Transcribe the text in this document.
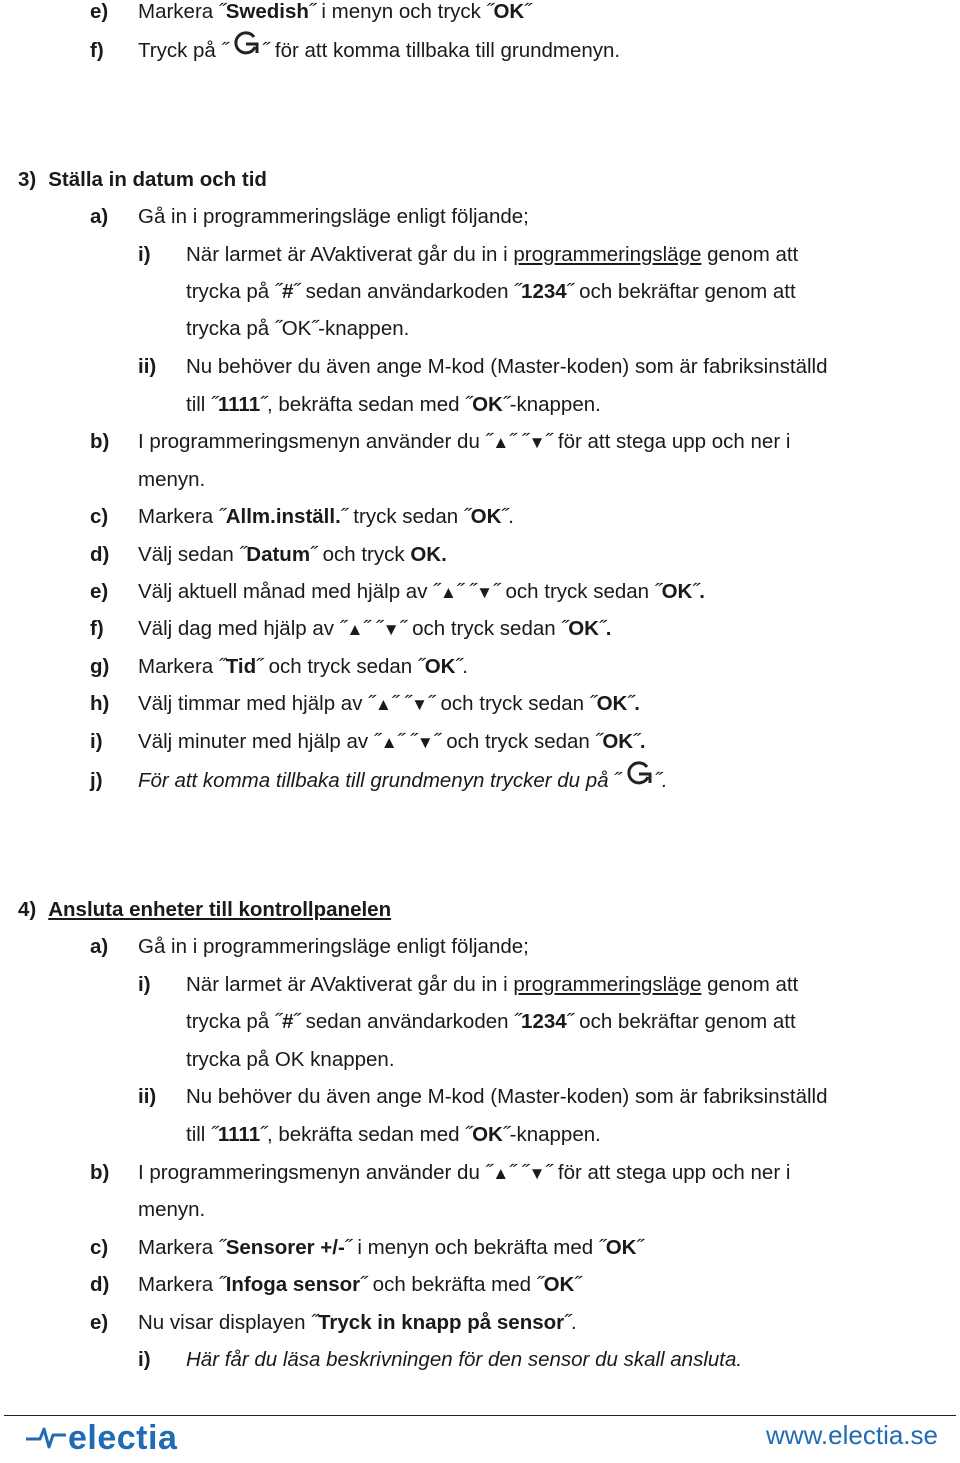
e) Markera ˝Swedish˝ i menyn och tryck ˝OK˝
f) Tryck på ˝ ˝ för att komma tillbaka till grundmenyn.
3) Ställa in datum och tid
a) Gå in i programmeringsläge enligt följande;
i) När larmet är AVaktiverat går du in i programmeringsläge genom att
trycka på ˝#˝ sedan användarkoden ˝1234˝ och bekräftar genom att
trycka på ˝OK˝-knappen.
ii) Nu behöver du även ange M-kod (Master-koden) som är fabriksinställd
till ˝1111˝, bekräfta sedan med ˝OK˝-knappen.
b) I programmeringsmenyn använder du ˝▲˝ ˝▼˝ för att stega upp och ner i
menyn.
c) Markera ˝Allm.inställ.˝ tryck sedan ˝OK˝.
d) Välj sedan ˝Datum˝ och tryck OK.
e) Välj aktuell månad med hjälp av ˝▲˝ ˝▼˝ och tryck sedan ˝OK˝.
f) Välj dag med hjälp av ˝▲˝ ˝▼˝ och tryck sedan ˝OK˝.
g) Markera ˝Tid˝ och tryck sedan ˝OK˝.
h) Välj timmar med hjälp av ˝▲˝ ˝▼˝ och tryck sedan ˝OK˝.
i) Välj minuter med hjälp av ˝▲˝ ˝▼˝ och tryck sedan ˝OK˝.
j) För att komma tillbaka till grundmenyn trycker du på ˝ ˝.
4) Ansluta enheter till kontrollpanelen
a) Gå in i programmeringsläge enligt följande;
i) När larmet är AVaktiverat går du in i programmeringsläge genom att
trycka på ˝#˝ sedan användarkoden ˝1234˝ och bekräftar genom att
trycka på OK knappen.
ii) Nu behöver du även ange M-kod (Master-koden) som är fabriksinställd
till ˝1111˝, bekräfta sedan med ˝OK˝-knappen.
b) I programmeringsmenyn använder du ˝▲˝ ˝▼˝ för att stega upp och ner i
menyn.
c) Markera ˝Sensorer +/-˝ i menyn och bekräfta med ˝OK˝
d) Markera ˝Infoga sensor˝ och bekräfta med ˝OK˝
e) Nu visar displayen ˝Tryck in knapp på sensor˝.
i) Här får du läsa beskrivningen för den sensor du skall ansluta.
electia	www.electia.se
